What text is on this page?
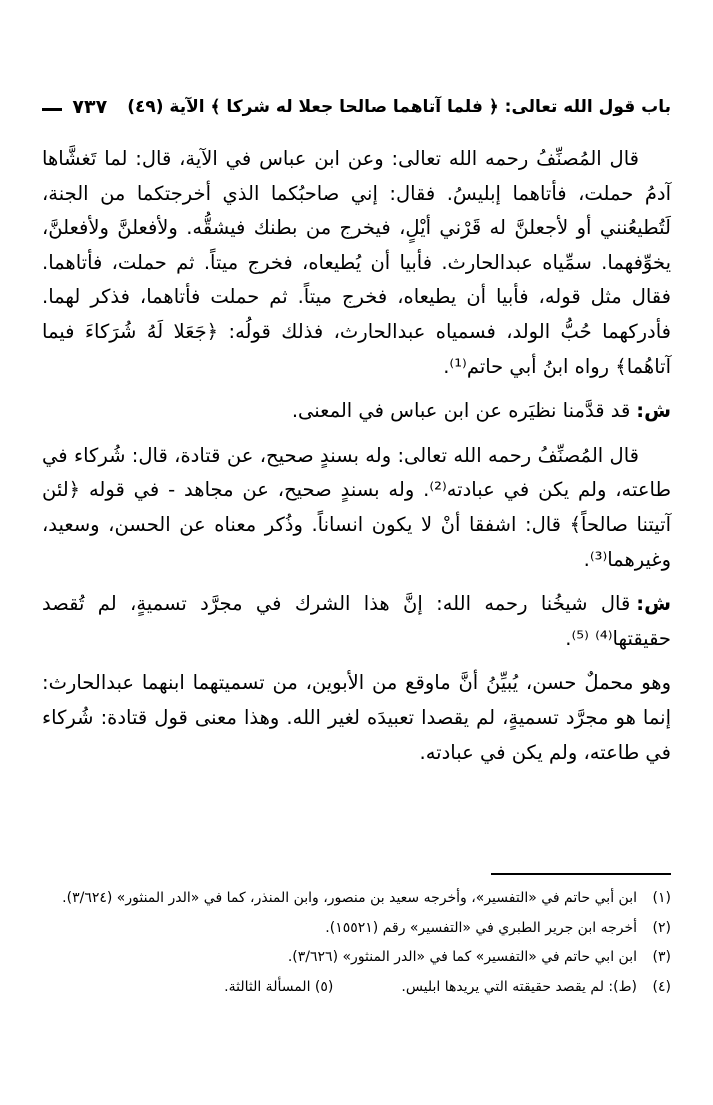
باب قول الله تعالى: ﴿ فلما آتاهما صالحا جعلا له شركا ﴾ الآية (٤٩)
٧٣٧

قال المُصنِّفُ رحمه الله تعالى: وعن ابن عباس في الآية، قال: لما تَغشَّاها آدمُ حملت، فأتاهما إبليسُ. فقال: إني صاحبُكما الذي أخرجتكما من الجنة، لَتُطيعُنني أو لأجعلنَّ له قَرْني أيْلٍ، فيخرج من بطنك فيشقُّه. ولأفعلنَّ ولأفعلنَّ، يخوِّفهما. سمِّياه عبدالحارث. فأبيا أن يُطيعاه، فخرج ميتاً. ثم حملت، فأتاهما. فقال مثل قوله، فأبيا أن يطيعاه، فخرج ميتاً. ثم حملت فأتاهما، فذكر لهما. فأدركهما حُبُّ الولد، فسمياه عبدالحارث، فذلك قولُه: ﴿جَعَلا لَهُ شُرَكاءَ فيما آتاهُما﴾ رواه ابنُ أبي حاتم⁽¹⁾.

ش:قد قدَّمنا نظيَره عن ابن عباس في المعنى.

قال المُصنِّفُ رحمه الله تعالى: وله بسندٍ صحيح، عن قتادة، قال: شُركاء في طاعته، ولم يكن في عبادته⁽²⁾. وله بسندٍ صحيح، عن مجاهد - في قوله ﴿لئن آتيتنا صالحاً﴾ قال: اشفقا أنْ لا يكون انساناً. وذُكر معناه عن الحسن، وسعيد، وغيرهما⁽³⁾.

ش:قال شيخُنا رحمه الله: إنَّ هذا الشرك في مجرَّد تسميةٍ، لم تُقصد حقيقتها⁽⁴⁾ ⁽⁵⁾.

وهو محملٌ حسن، يُبيِّنُ أنَّ ماوقع من الأبوين، من تسميتهما ابنهما عبدالحارث: إنما هو مجرَّد تسميةٍ، لم يقصدا تعبيدَه لغير الله. وهذا معنى قول قتادة: شُركاء في طاعته، ولم يكن في عبادته.

(١)
ابن أبي حاتم في «التفسير»، وأخرجه سعيد بن منصور، وابن المنذر، كما في «الدر المنثور» (٣/٦٢٤).
(٢)
أخرجه ابن جرير الطبري في «التفسير» رقم (١٥٥٢١).
(٣)
ابن ابي حاتم في «التفسير» كما في «الدر المنثور» (٣/٦٢٦).
(٤)
(ط): لم يقصد حقيقته التي يريدها ابليس.
(٥) المسألة الثالثة.
